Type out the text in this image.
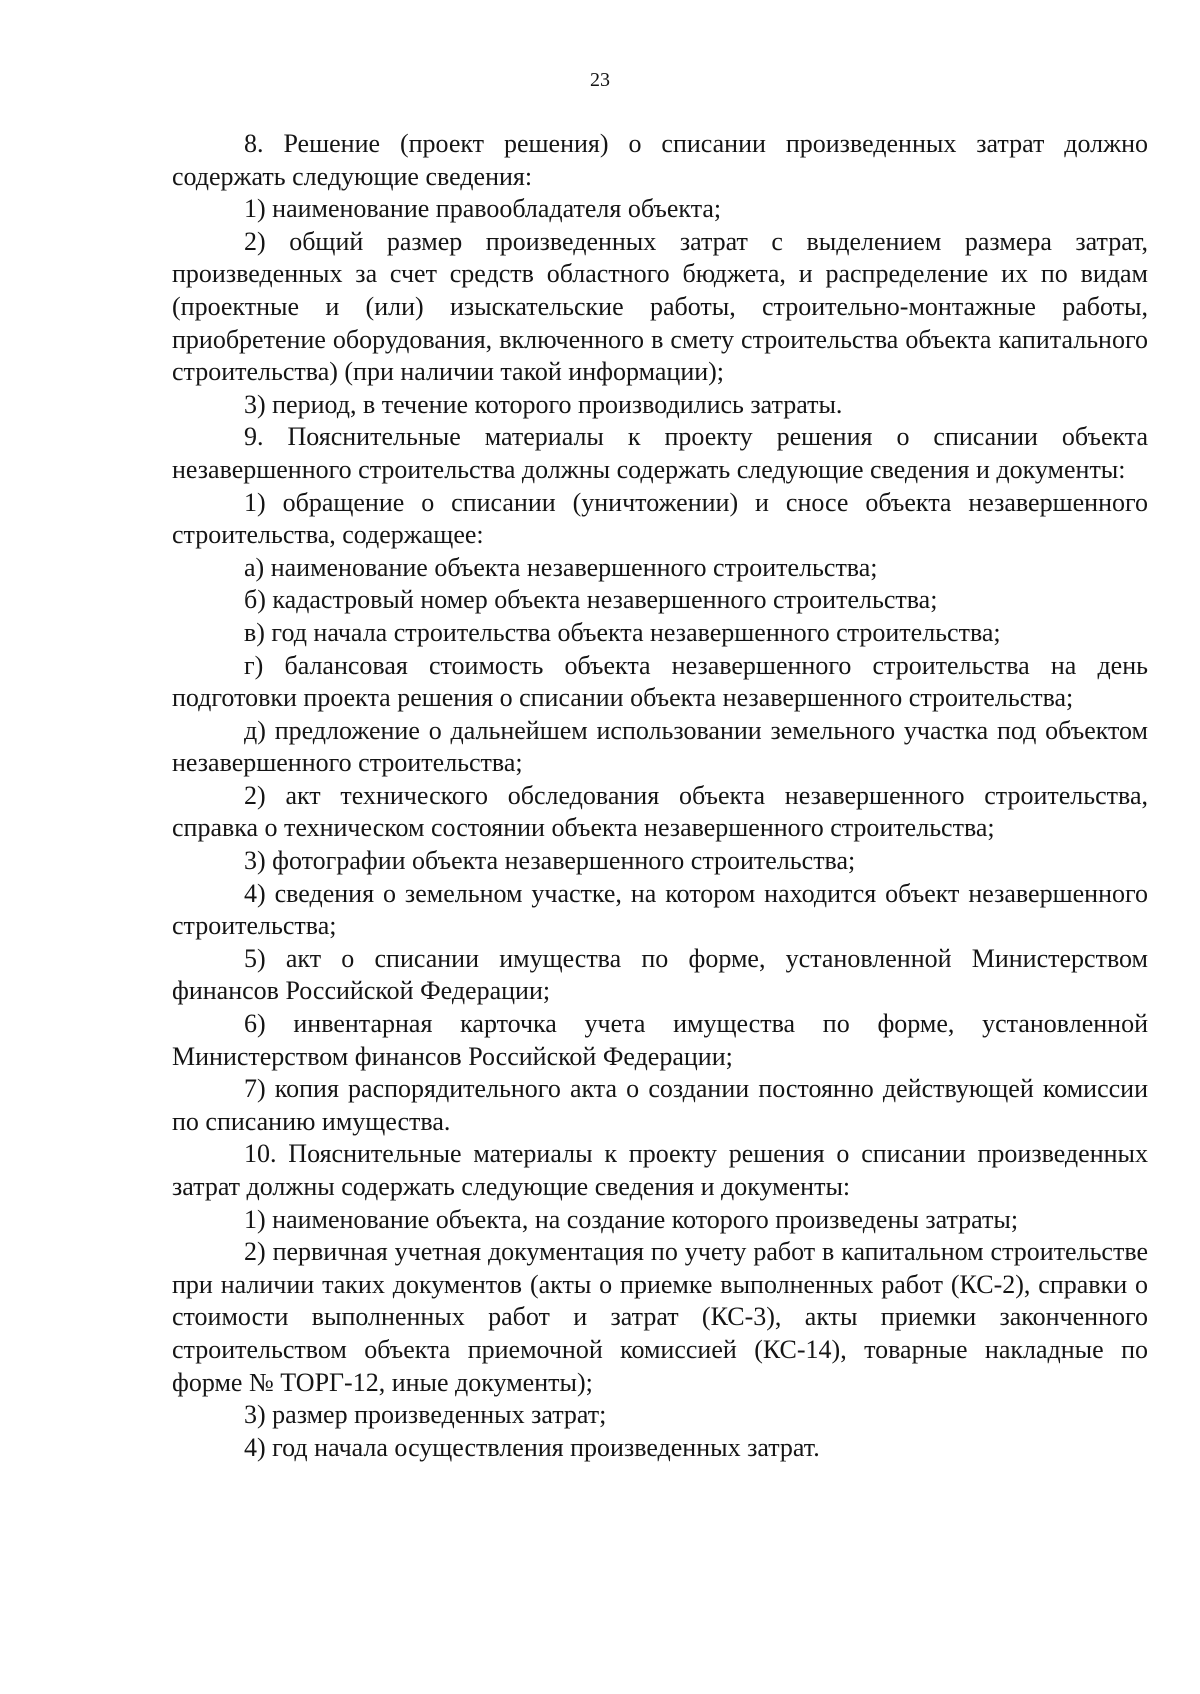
23

8. Решение (проект решения) о списании произведенных затрат должно содержать следующие сведения:

1) наименование правообладателя объекта;

2) общий размер произведенных затрат с выделением размера затрат, произведенных за счет средств областного бюджета, и распределение их по видам (проектные и (или) изыскательские работы, строительно-монтажные работы, приобретение оборудования, включенного в смету строительства объекта капитального строительства) (при наличии такой информации);

3) период, в течение которого производились затраты.

9. Пояснительные материалы к проекту решения о списании объекта незавершенного строительства должны содержать следующие сведения и документы:

1) обращение о списании (уничтожении) и сносе объекта незавершенного строительства, содержащее:

а) наименование объекта незавершенного строительства;

б) кадастровый номер объекта незавершенного строительства;

в) год начала строительства объекта незавершенного строительства;

г) балансовая стоимость объекта незавершенного строительства на день подготовки проекта решения о списании объекта незавершенного строительства;

д) предложение о дальнейшем использовании земельного участка под объектом незавершенного строительства;

2) акт технического обследования объекта незавершенного строительства, справка о техническом состоянии объекта незавершенного строительства;

3) фотографии объекта незавершенного строительства;

4) сведения о земельном участке, на котором находится объект незавершенного строительства;

5) акт о списании имущества по форме, установленной Министерством финансов Российской Федерации;

6) инвентарная карточка учета имущества по форме, установленной Министерством финансов Российской Федерации;

7) копия распорядительного акта о создании постоянно действующей комиссии по списанию имущества.

10. Пояснительные материалы к проекту решения о списании произведенных затрат должны содержать следующие сведения и документы:

1) наименование объекта, на создание которого произведены затраты;

2) первичная учетная документация по учету работ в капитальном строительстве при наличии таких документов (акты о приемке выполненных работ (КС-2), справки о стоимости выполненных работ и затрат (КС-3), акты приемки законченного строительством объекта приемочной комиссией (КС-14), товарные накладные по форме № ТОРГ-12, иные документы);

3) размер произведенных затрат;

4) год начала осуществления произведенных затрат.
